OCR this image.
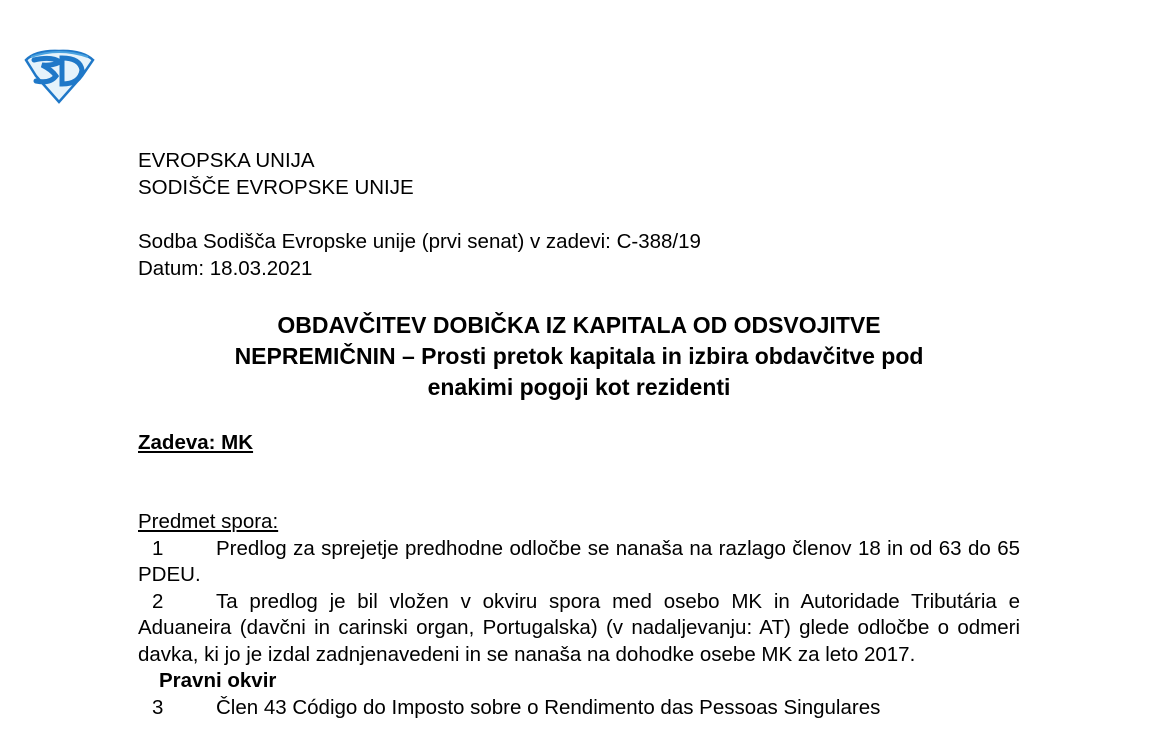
EVROPSKA UNIJA
SODIŠČE EVROPSKE UNIJE
Sodba Sodišča Evropske unije (prvi senat) v zadevi: C-388/19
Datum: 18.03.2021
OBDAVČITEV DOBIČKA IZ KAPITALA OD ODSVOJITVE
NEPREMIČNIN – Prosti pretok kapitala in izbira obdavčitve pod
enakimi pogoji kot rezidenti
Zadeva: MK
Predmet spora:
1	Predlog za sprejetje predhodne odločbe se nanaša na razlago členov 18 in od 63 do 65 PDEU.
2	Ta predlog je bil vložen v okviru spora med osebo MK in Autoridade Tributária e Aduaneira (davčni in carinski organ, Portugalska) (v nadaljevanju: AT) glede odločbe o odmeri davka, ki jo je izdal zadnjenavedeni in se nanaša na dohodke osebe MK za leto 2017.
Pravni okvir
3	Člen 43 Código do Imposto sobre o Rendimento das Pessoas Singulares
